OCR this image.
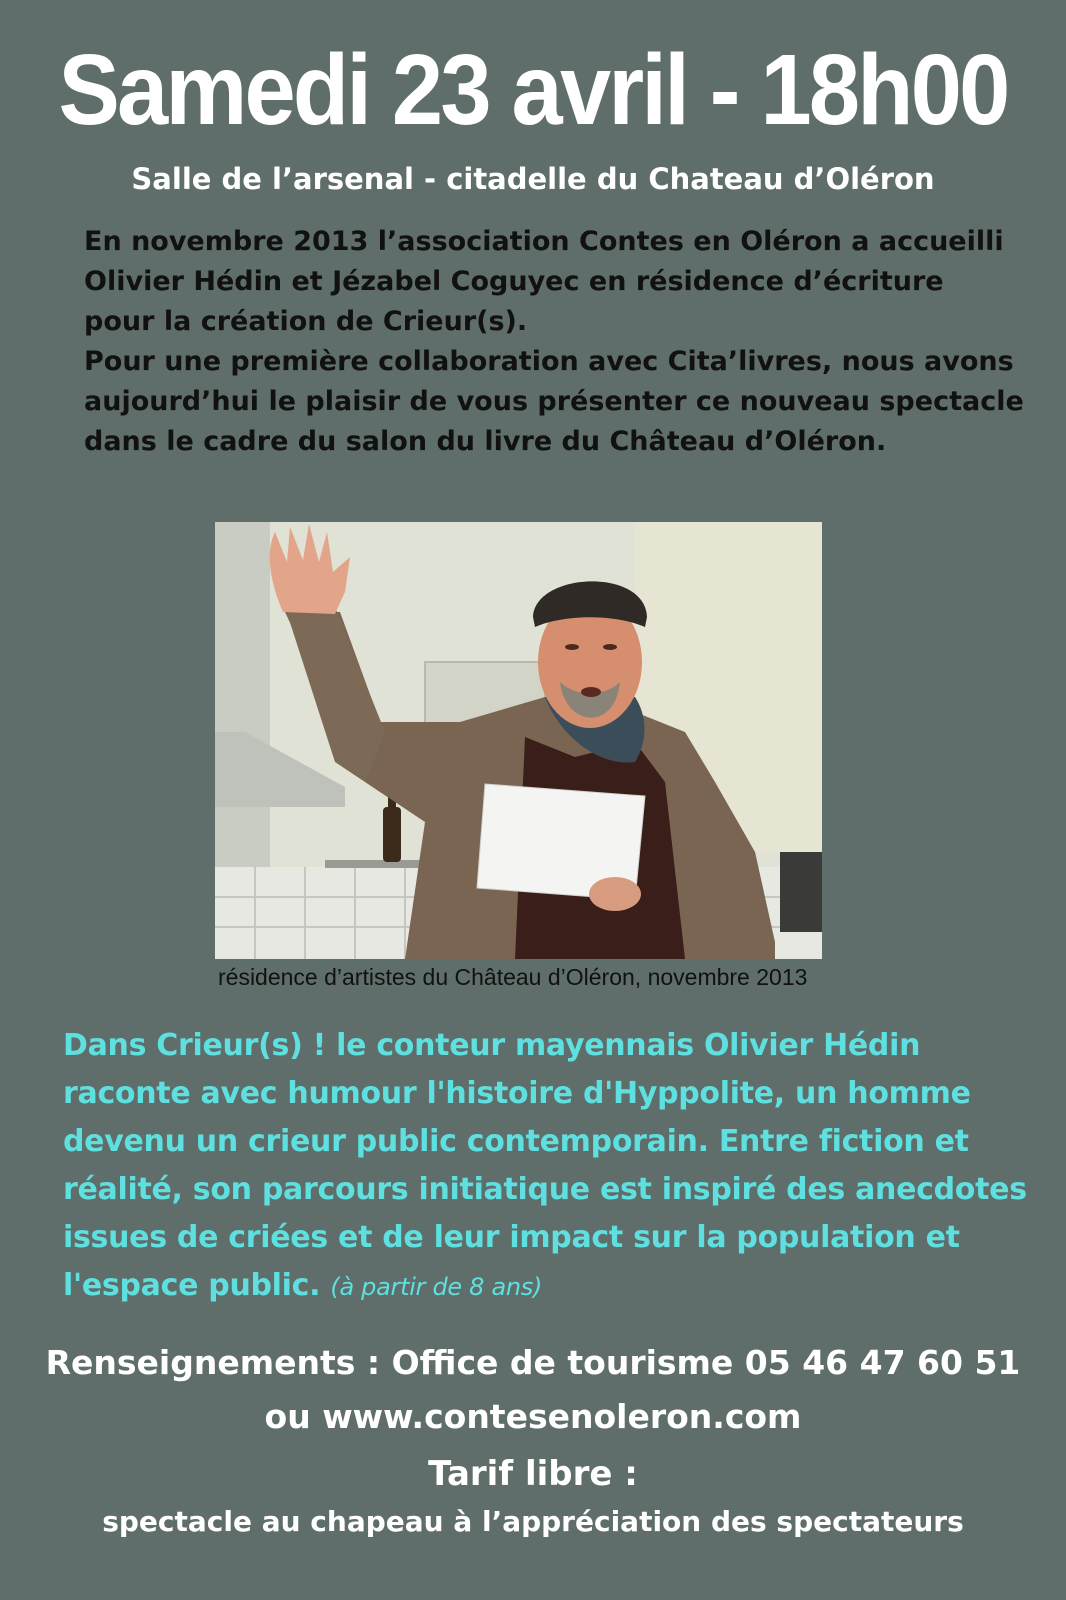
Samedi 23 avril - 18h00
Salle de l’arsenal - citadelle du Chateau d’Oléron

En novembre 2013 l’association Contes en Oléron a accueilli

Olivier Hédin et Jézabel Coguyec en résidence d’écriture

pour la création de Crieur(s).

Pour une première collaboration avec Cita’livres, nous avons

aujourd’hui le plaisir de vous présenter ce nouveau spectacle

dans le cadre du salon du livre du Château d’Oléron.

résidence d’artistes du Château d’Oléron, novembre 2013
Dans Crieur(s) ! le conteur mayennais Olivier Hédin raconte avec humour l'histoire d'Hyppolite, un homme devenu un crieur public contemporain. Entre fiction et réalité, son parcours initiatique est inspiré des anecdotes issues de criées et de leur impact sur la population et l'espace public. (à partir de 8 ans)
Renseignements : Office de tourisme 05 46 47 60 51
ou www.contesenoleron.com
Tarif libre :
spectacle au chapeau à l’appréciation des spectateurs
